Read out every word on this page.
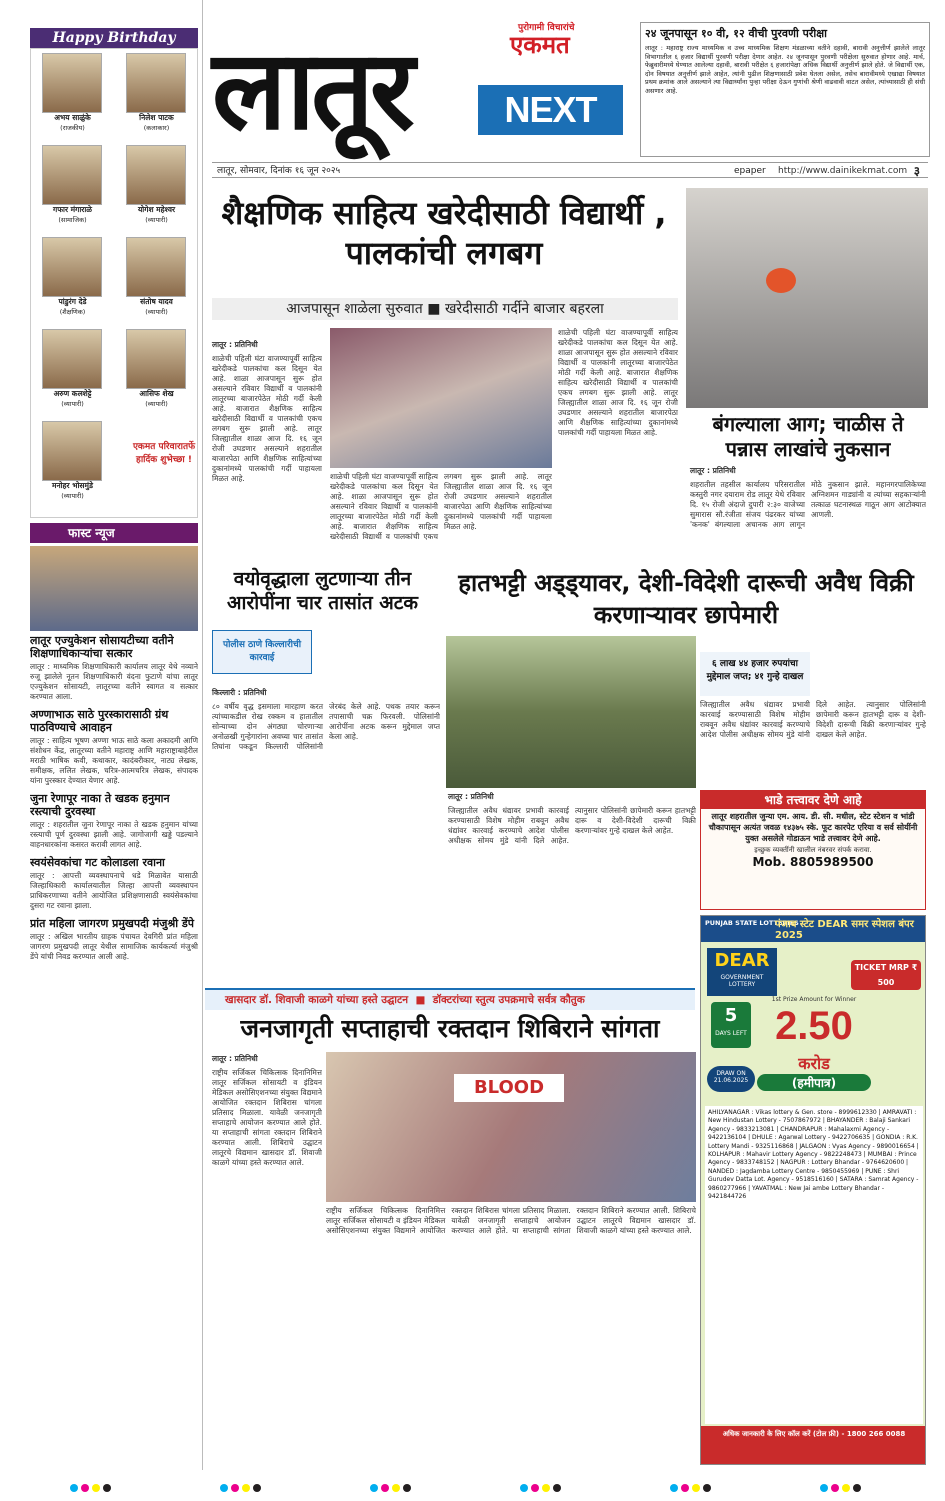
Happy Birthday
अभय साळुंके
(राजकीय)
निलेश पाटक
(कलाकार)
गफार मंगाराळे
(सामाजिक)
योगेश महेश्वर
(व्यापारी)
पांडुरंग देडे
(शैक्षणिक)
संतोष यादव
(व्यापारी)
अरुण कलशेट्टे
(व्यापारी)
आसिफ शेख
(व्यापारी)
मनोहर भोसमुंडे
(व्यापारी)
एकमत परिवारातर्फे हार्दिक शुभेच्छा !
फास्ट न्यूज
लातूर एज्युकेशन सोसायटीच्या वतीने शिक्षणाधिकाऱ्यांचा सत्कार
लातूर : माध्यमिक शिक्षणाधिकारी कार्यालय लातूर येथे नव्याने रुजू झालेले नूतन शिक्षणाधिकारी वंदना फुटाणे यांचा लातूर एज्युकेशन सोसायटी, लातूरच्या वतीने स्वागत व सत्कार करण्यात आला.
अण्णाभाऊ साठे पुरस्कारासाठी ग्रंथ पाठविण्याचे आवाहन
लातूर : साहित्य भूषण अण्णा भाऊ साठे कला अकादमी आणि संशोधन केंद्र, लातूरच्या वतीने महाराष्ट्र आणि महाराष्ट्राबाहेरील मराठी भाषिक कवी, कथाकार, कादंबरीकार, नाट्य लेखक, समीक्षक, ललित लेखक, चरित्र-आत्मचरित्र लेखक, संपादक यांना पुरस्कार देण्यात येणार आहे.
जुना रेणापूर नाका ते खडक हनुमान रस्त्याची दुरवस्था
लातूर : शहरातील जुना रेणापूर नाका ते खडक हनुमान यांच्या रस्त्याची पूर्ण दुरवस्था झाली आहे. जागोजागी खड्डे पडल्याने वाहनधारकांना कसरत करावी लागत आहे.
स्वयंसेवकांचा गट कोलाडला रवाना
लातूर : आपत्ती व्यवस्थापनाचे धडे मिळावेत यासाठी जिल्हाधिकारी कार्यालयातील जिल्हा आपत्ती व्यवस्थापन प्राधिकरणाच्या वतीने आयोजित प्रशिक्षणासाठी स्वयंसेवकांचा दुसरा गट रवाना झाला.
प्रांत महिला जागरण प्रमुखपदी मंजुश्री डेंपे
लातूर : अखिल भारतीय ग्राहक पंचायत देवगिरी प्रांत महिला जागरण प्रमुखपदी लातूर येथील सामाजिक कार्यकर्त्या मंजुश्री डेंपे यांची निवड करण्यात आली आहे.
लातूर	पुरोगामी विचारांचे
एकमत
NEXT
२४ जूनपासून १० वी, १२ वीची पुरवणी परीक्षा
लातूर : महाराष्ट्र राज्य माध्यमिक व उच्च माध्यमिक शिक्षण मंडळाच्या वतीने दहावी, बारावी अनुत्तीर्ण झालेले लातूर विभागातील ६ हजार विद्यार्थी पुरवणी परीक्षा देणार आहेत. २४ जूनपासून पुरवणी परीक्षेला सुरुवात होणार आहे. मार्च, फेब्रुवारीमध्ये घेण्यात आलेल्या दहावी, बारावी परीक्षेत ६ हजारांपेक्षा अधिक विद्यार्थी अनुत्तीर्ण झाले होते. जे विद्यार्थी एक, दोन विषयात अनुत्तीर्ण झाले आहेत, त्यांनी पुढील शिक्षणासाठी प्रवेश घेतला असेल, तसेच बारावीमध्ये एखाद्या विषयात प्रथम क्रमांक आले असल्याने त्या विद्यार्थ्यांना पुन्हा परीक्षा देऊन गुणांची श्रेणी वाढवावी वाटत असेल, त्यांच्यासाठी ही संधी असणार आहे.
लातूर, सोमवार, दिनांक १६ जून २०२५	epaper http://www.dainikekmat.com ३
शैक्षणिक साहित्य खरेदीसाठी विद्यार्थी , पालकांची लगबग
आजपासून शाळेला सुरुवात ■ खरेदीसाठी गर्दीने बाजार बहरला
लातूर : प्रतिनिधी
शाळेची पहिली घंटा वाजण्यापूर्वी साहित्य खरेदीकडे पालकांचा कल दिसून येत आहे. शाळा आजपासून सुरू होत असल्याने रविवार विद्यार्थी व पालकांनी लातूरच्या बाजारपेठेत मोठी गर्दी केली आहे. बाजारात शैक्षणिक साहित्य खरेदीसाठी विद्यार्थी व पालकांची एकच लगबग सुरू झाली आहे. लातूर जिल्ह्यातील शाळा आज दि. १६ जून रोजी उघडणार असल्याने शहरातील बाजारपेठा आणि शैक्षणिक साहित्यांच्या दुकानांमध्ये पालकांची गर्दी पाहायला मिळत आहे.	शाळेची पहिली घंटा वाजण्यापूर्वी साहित्य खरेदीकडे पालकांचा कल दिसून येत आहे. शाळा आजपासून सुरू होत असल्याने रविवार विद्यार्थी व पालकांनी लातूरच्या बाजारपेठेत मोठी गर्दी केली आहे. बाजारात शैक्षणिक साहित्य खरेदीसाठी विद्यार्थी व पालकांची एकच लगबग सुरू झाली आहे. लातूर जिल्ह्यातील शाळा आज दि. १६ जून रोजी उघडणार असल्याने शहरातील बाजारपेठा आणि शैक्षणिक साहित्यांच्या दुकानांमध्ये पालकांची गर्दी पाहायला मिळत आहे.
शाळेची पहिली घंटा वाजण्यापूर्वी साहित्य खरेदीकडे पालकांचा कल दिसून येत आहे. शाळा आजपासून सुरू होत असल्याने रविवार विद्यार्थी व पालकांनी लातूरच्या बाजारपेठेत मोठी गर्दी केली आहे. बाजारात शैक्षणिक साहित्य खरेदीसाठी विद्यार्थी व पालकांची एकच लगबग सुरू झाली आहे. लातूर जिल्ह्यातील शाळा आज दि. १६ जून रोजी उघडणार असल्याने शहरातील बाजारपेठा आणि शैक्षणिक साहित्यांच्या दुकानांमध्ये पालकांची गर्दी पाहायला मिळत आहे.	बंगल्याला आग; चाळीस ते पन्नास लाखांचे नुकसान
लातूर : प्रतिनिधी
शहरातील तहसील कार्यालय परिसरातील कस्तुरी नगर दयाराम रोड लातूर येथे रविवार दि. १५ रोजी अंदाजे दुपारी २:३० वाजेच्या सुमारास सौ.रंजीता संजय पंढरकर यांच्या 'कनक' बंगल्याला अचानक आग लागून मोठे नुकसान झाले. महानगरपालिकेच्या अग्निशमन गाड्यांनी व त्यांच्या सहकाऱ्यांनी तत्काळ घटनास्थळ गाठून आग आटोक्यात आणली.
वयोवृद्धाला लुटणाऱ्या तीन आरोपींना चार तासांत अटक
पोलीस ठाणे किल्लारीची कारवाई
किल्लारी : प्रतिनिधी
८० वर्षीय वृद्ध इसमाला मारहाण करत त्यांच्याकडील रोख रक्कम व हातातील सोन्याच्या दोन अंगठ्या चोरणाऱ्या अनोळखी गुन्हेगारांना अवघ्या चार तासांत तिघांना पकडून किल्लारी पोलिसांनी जेरबंद केले आहे. पथक तयार करून तपासाची चक्र फिरवली. पोलिसांनी आरोपींना अटक करून मुद्देमाल जप्त केला आहे.
हातभट्टी अड्ड्यावर, देशी-विदेशी दारूची अवैध विक्री करणाऱ्यावर छापेमारी
६ लाख ४४ हजार रुपयांचा मुद्देमाल जप्त; ४१ गुन्हे दाखल
जिल्ह्यातील अवैध धंद्यावर प्रभावी कारवाई करण्यासाठी विशेष मोहीम राबवून अवैध धंद्यांवर कारवाई करण्याचे आदेश पोलीस अधीक्षक सोमय मुंडे यांनी दिले आहेत. त्यानुसार पोलिसांनी छापेमारी करून हातभट्टी दारू व देशी-विदेशी दारूची विक्री करणाऱ्यांवर गुन्हे दाखल केले आहेत.
लातूर : प्रतिनिधी
जिल्ह्यातील अवैध धंद्यावर प्रभावी कारवाई करण्यासाठी विशेष मोहीम राबवून अवैध धंद्यांवर कारवाई करण्याचे आदेश पोलीस अधीक्षक सोमय मुंडे यांनी दिले आहेत. त्यानुसार पोलिसांनी छापेमारी करून हातभट्टी दारू व देशी-विदेशी दारूची विक्री करणाऱ्यांवर गुन्हे दाखल केले आहेत.
भाडे तत्त्वावर देणे आहे
लातूर शहरातील जुन्या एम. आय. डी. सी. मधील, स्टेट स्टेशन व भांडी चौकापासून अत्यंत जवळ १४३७५ स्के. फूट कारपेट एरिया व सर्व सोयींनी युक्त असलेले गोडाऊन भाडे तत्त्वावर देणे आहे.
इच्छुक व्यक्तींनी खालील नंबरवर संपर्क करावा.
Mob. 8805989500
PUNJAB STATE LOTTERIES
पंजाब स्टेट DEAR समर स्पेशल बंपर 2025
DEAR
GOVERNMENT LOTTERY
TICKET MRP ₹ 500
5
DAYS LEFT
1st Prize Amount for Winner
2.50
करोड
(हमीपात्र)
DRAW ON 21.06.2025
AHILYANAGAR : Vikas lottery & Gen. store - 8999612330 | AMRAVATI : New Hindustan Lottery - 7507867972 | BHAYANDER : Balaji Sankari Agency - 9833213081 | CHANDRAPUR : Mahalaxmi Agency - 9422136104 | DHULE : Agarwal Lottery - 9422706635 | GONDIA : R.K. Lottery Mandi - 9325116868 | JALGAON : Vyas Agency - 9890016654 | KOLHAPUR : Mahavir Lottery Agency - 9822248473 | MUMBAI : Prince Agency - 9833748152 | NAGPUR : Lottery Bhandar - 9764620600 | NANDED : Jagdamba Lottery Centre - 9850455969 | PUNE : Shri Gurudev Datta Lot. Agency - 9518516160 | SATARA : Samrat Agency - 9860277966 | YAVATMAL : New Jai ambe Lottery Bhandar - 9421844726
अधिक जानकारी के लिए कॉल करें (टोल फ्री) - 1800 266 0088
खासदार डॉ. शिवाजी काळगे यांच्या हस्ते उद्घाटन  ■  डॉक्टरांच्या स्तुत्य उपक्रमाचे सर्वत्र कौतुक
जनजागृती सप्ताहाची रक्तदान शिबिराने सांगता
लातूर : प्रतिनिधी
राष्ट्रीय सर्जिकल चिकित्सक दिनानिमित्त लातूर सर्जिकल सोसायटी व इंडियन मेडिकल असोसिएशनच्या संयुक्त विद्यमाने आयोजित रक्तदान शिबिरास चांगला प्रतिसाद मिळाला. यावेळी जनजागृती सप्ताहाचे आयोजन करण्यात आले होते. या सप्ताहाची सांगता रक्तदान शिबिराने करण्यात आली. शिबिराचे उद्घाटन लातूरचे विद्यमान खासदार डॉ. शिवाजी काळगे यांच्या हस्ते करण्यात आले.
BLOOD
राष्ट्रीय सर्जिकल चिकित्सक दिनानिमित्त लातूर सर्जिकल सोसायटी व इंडियन मेडिकल असोसिएशनच्या संयुक्त विद्यमाने आयोजित रक्तदान शिबिरास चांगला प्रतिसाद मिळाला. यावेळी जनजागृती सप्ताहाचे आयोजन करण्यात आले होते. या सप्ताहाची सांगता रक्तदान शिबिराने करण्यात आली. शिबिराचे उद्घाटन लातूरचे विद्यमान खासदार डॉ. शिवाजी काळगे यांच्या हस्ते करण्यात आले.
